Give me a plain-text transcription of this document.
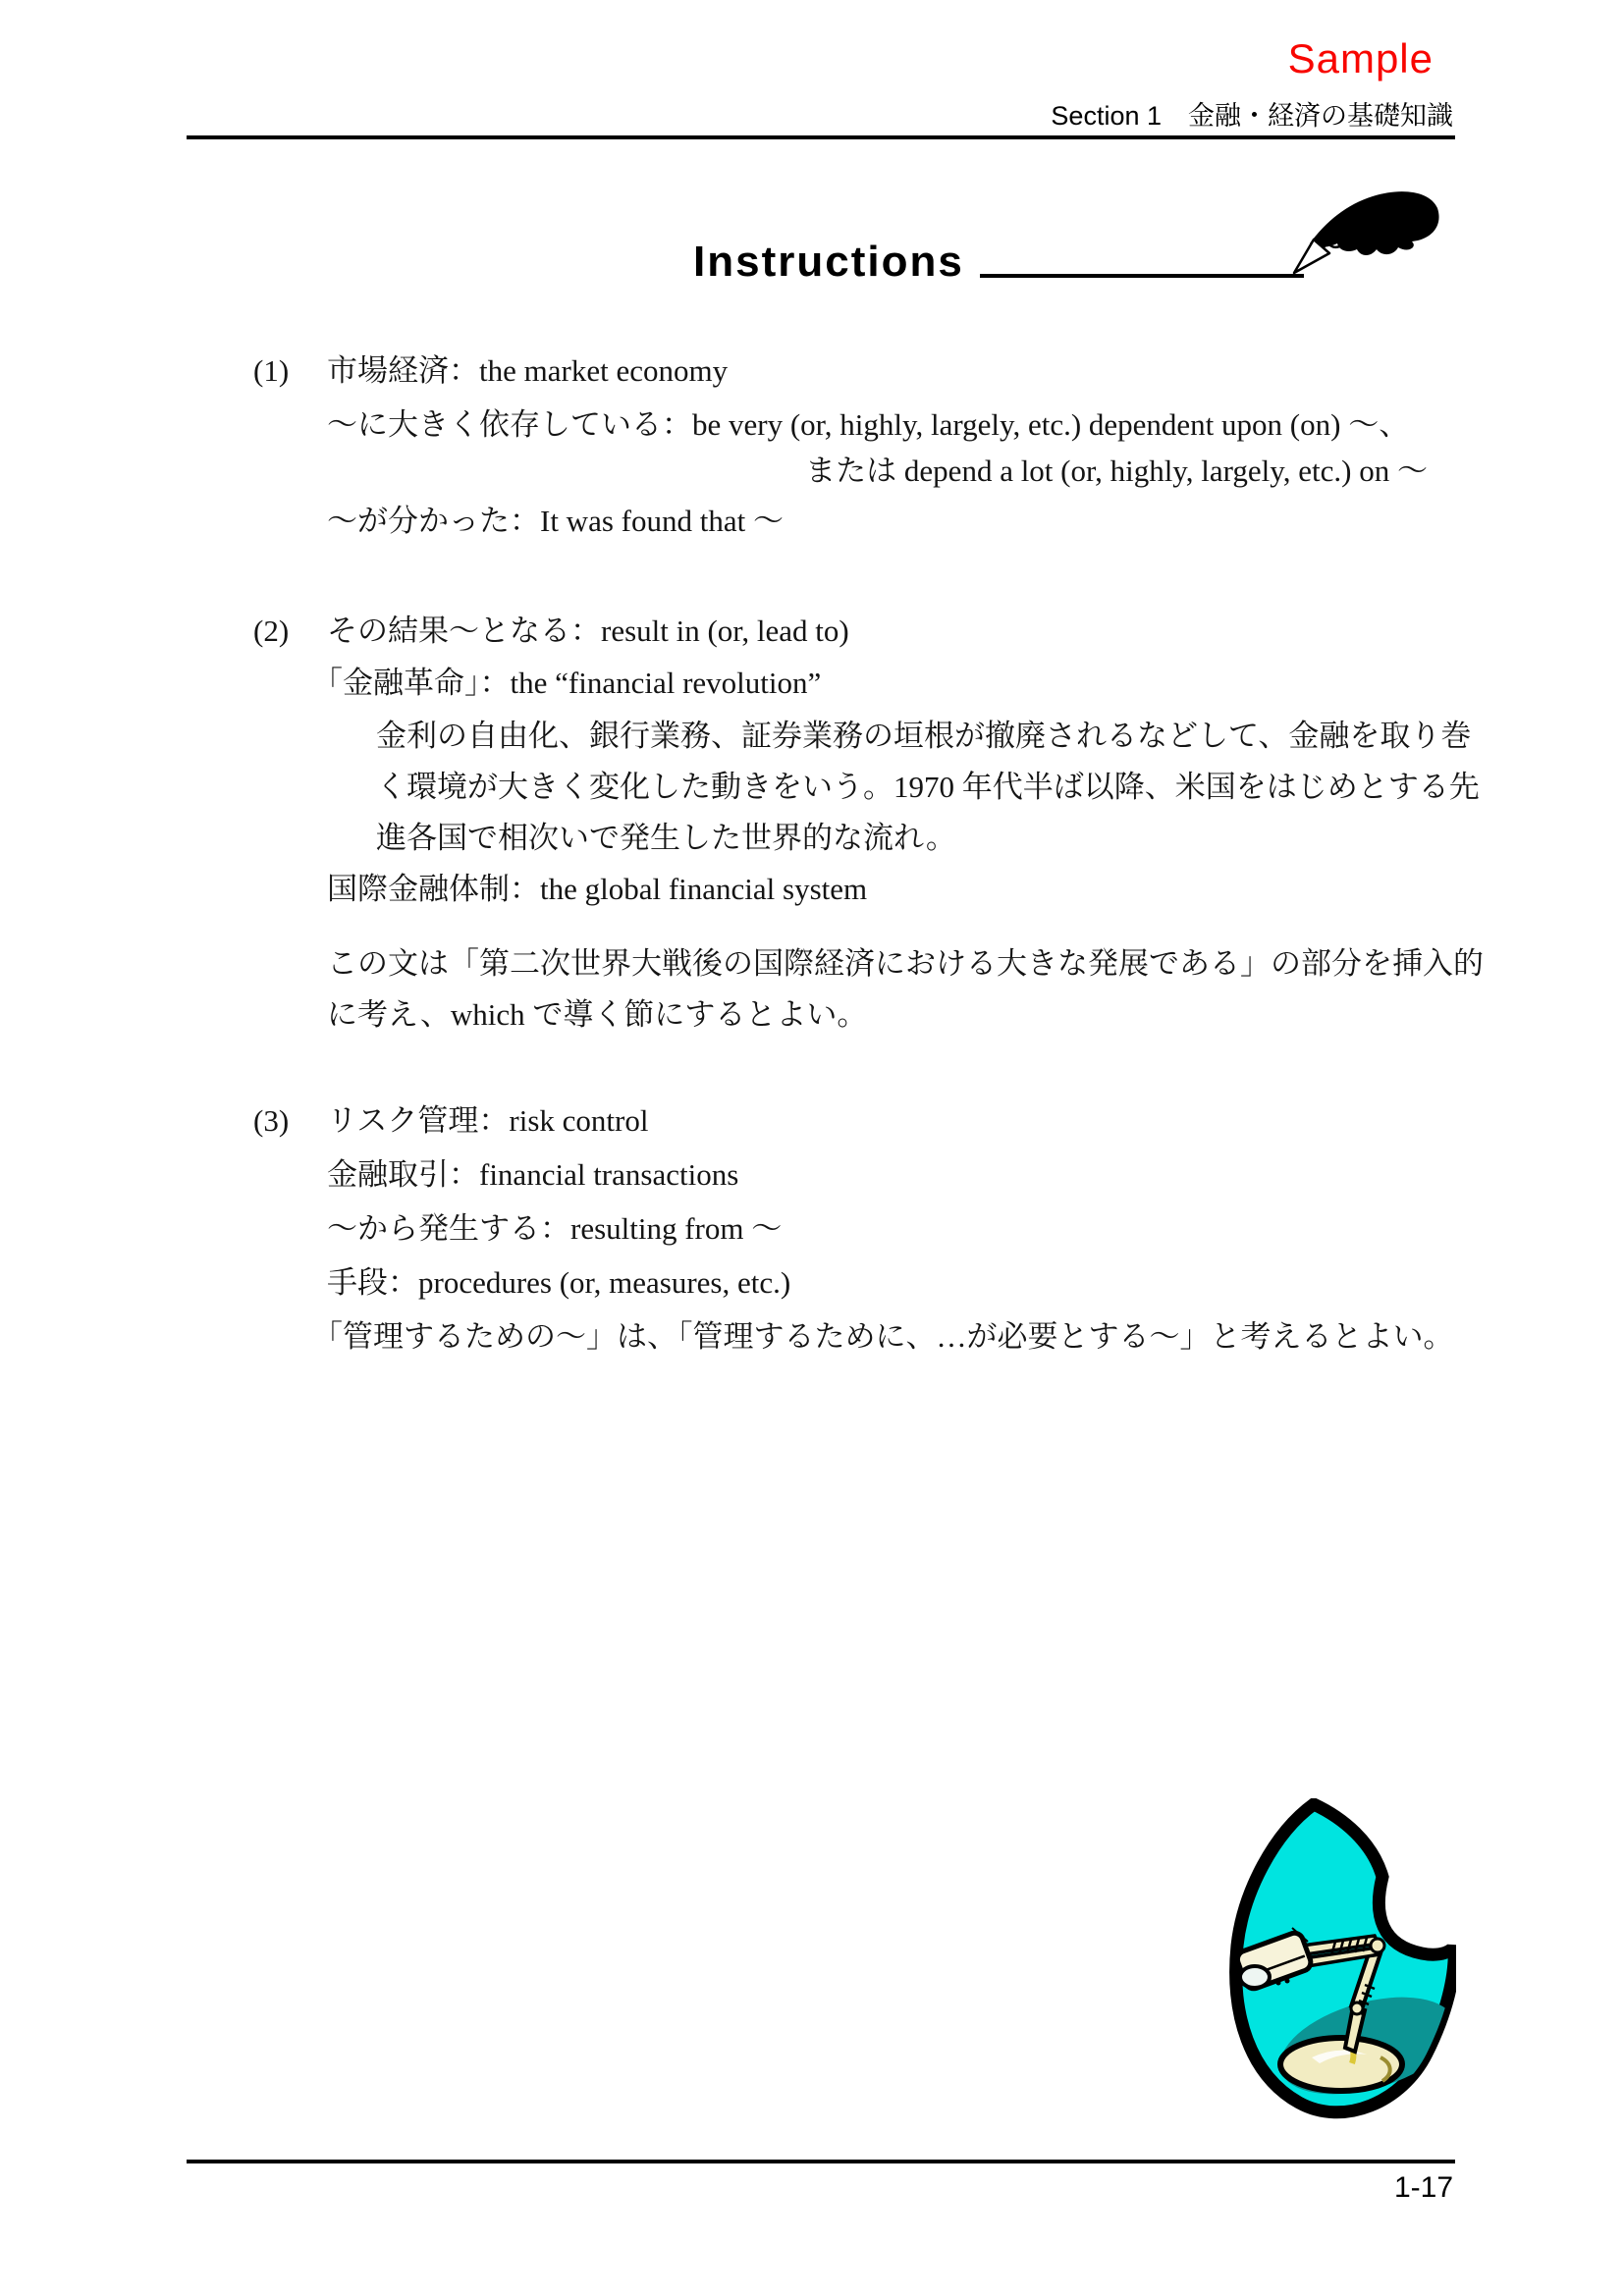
Sample
Section 1　金融・経済の基礎知識
Instructions
(1) 市場経済：the market economy
～に大きく依存している：be very (or, highly, largely, etc.) dependent upon (on) ～、
または depend a lot (or, highly, largely, etc.) on ～
～が分かった：It was found that ～
(2) その結果～となる：result in (or, lead to)
「金融革命」：the “financial revolution”
金利の自由化、銀行業務、証券業務の垣根が撤廃されるなどして、金融を取り巻
く環境が大きく変化した動きをいう。1970 年代半ば以降、米国をはじめとする先
進各国で相次いで発生した世界的な流れ。
国際金融体制：the global financial system
この文は「第二次世界大戦後の国際経済における大きな発展である」の部分を挿入的
に考え、which で導く節にするとよい。
(3) リスク管理：risk control
金融取引：financial transactions
～から発生する：resulting from ～
手段：procedures (or, measures, etc.)
「管理するための～」は、「管理するために、…が必要とする～」と考えるとよい。
1-17
